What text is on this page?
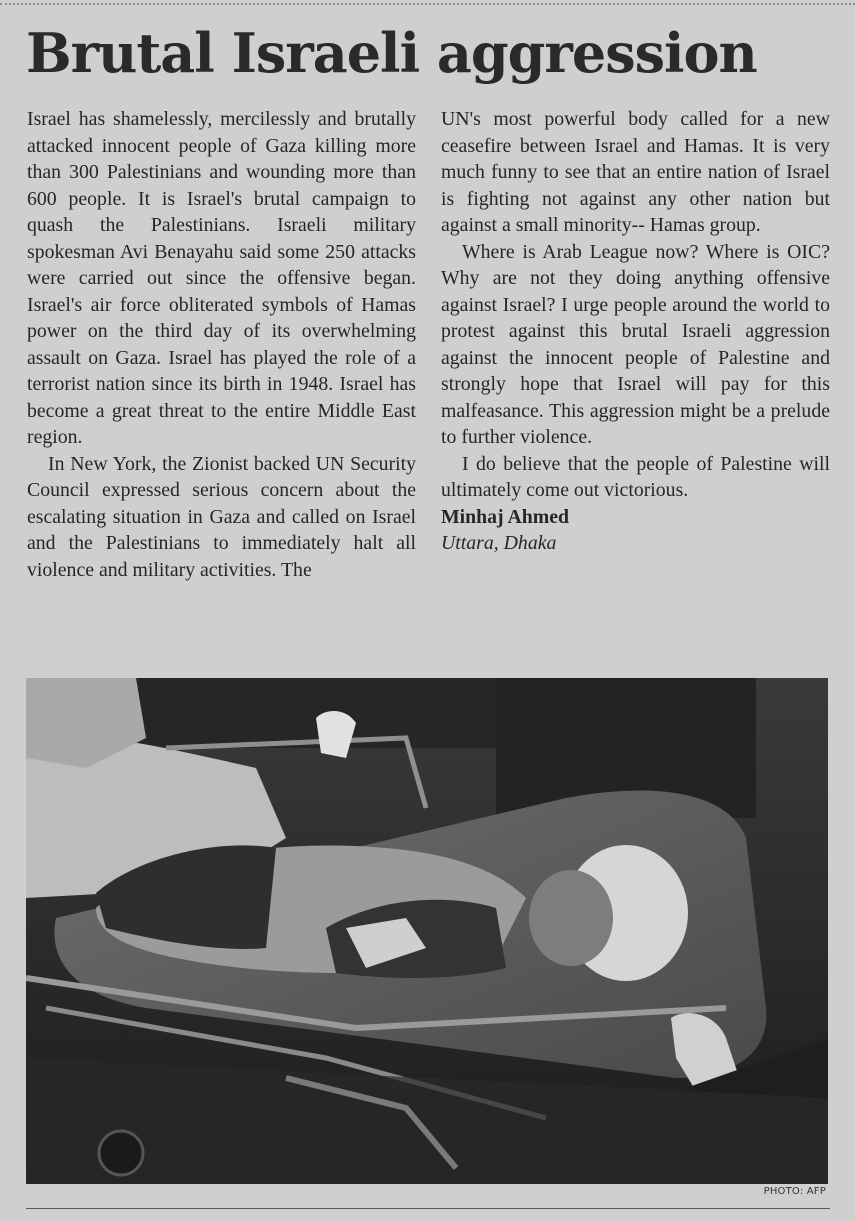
Brutal Israeli aggression

Israel has shamelessly, mercilessly and brutally attacked innocent people of Gaza killing more than 300 Palestinians and wounding more than 600 people. It is Israel's brutal campaign to quash the Palestinians. Israeli military spokesman Avi Benayahu said some 250 attacks were carried out since the offensive began. Israel's air force obliterated symbols of Hamas power on the third day of its overwhelming assault on Gaza. Israel has played the role of a terrorist nation since its birth in 1948. Israel has become a great threat to the entire Middle East region.

In New York, the Zionist backed UN Security Council expressed serious concern about the escalating situation in Gaza and called on Israel and the Palestinians to immediately halt all violence and military activities. The

UN's most powerful body called for a new ceasefire between Israel and Hamas. It is very much funny to see that an entire nation of Israel is fighting not against any other nation but against a small minority-- Hamas group.

Where is Arab League now? Where is OIC? Why are not they doing anything offensive against Israel? I urge people around the world to protest against this brutal Israeli aggression against the innocent people of Palestine and strongly hope that Israel will pay for this malfeasance. This aggression might be a prelude to further violence.

I do believe that the people of Palestine will ultimately come out victorious.

Minhaj Ahmed

Uttara, Dhaka

PHOTO: AFP
